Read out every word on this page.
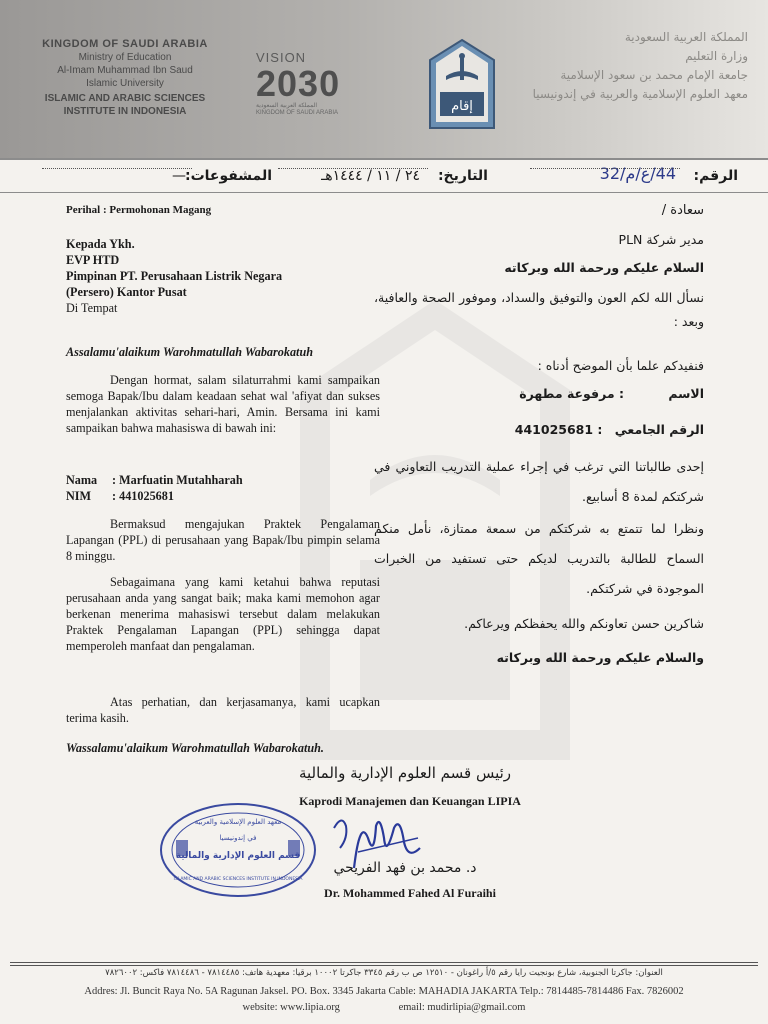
KINGDOM OF SAUDI ARABIA
Ministry of Education
Al-Imam Muhammad Ibn Saud
Islamic University
ISLAMIC AND ARABIC SCIENCES
INSTITUTE IN INDONESIA
VISION
2030
المملكة العربية السعودية
KINGDOM OF SAUDI ARABIA	إقام
المملكة العربية السعودية
وزارة التعليم
جامعة الإمام محمد بن سعود الإسلامية
معهد العلوم الإسلامية والعربية في إندونيسيا
الرقم:
44/ع/م/32
التاريخ:
٢٤ / ١١ / ١٤٤٤هـ
المشفوعات:
—
Perihal : Permohonan Magang
Kepada Ykh.
EVP HTD
Pimpinan PT. Perusahaan Listrik Negara
(Persero) Kantor Pusat
Di Tempat
Assalamu'alaikum Warohmatullah Wabarokatuh
Dengan hormat, salam silaturrahmi kami sampaikan semoga Bapak/Ibu dalam keadaan sehat wal 'afiyat dan sukses menjalankan aktivitas sehari-hari, Amin. Bersama ini kami sampaikan bahwa mahasiswa di bawah ini:
Nama : Marfuatin Mutahharah
NIM : 441025681
Bermaksud mengajukan Praktek Pengalaman Lapangan (PPL) di perusahaan yang Bapak/Ibu pimpin selama 8 minggu.
Sebagaimana yang kami ketahui bahwa reputasi perusahaan anda yang sangat baik; maka kami memohon agar berkenan menerima mahasiswi tersebut dalam melakukan Praktek Pengalaman Lapangan (PPL) sehingga dapat memperoleh manfaat dan pengalaman.
Atas perhatian, dan kerjasamanya, kami ucapkan terima kasih.
Wassalamu'alaikum Warohmatullah Wabarokatuh.
سعادة /
مدير شركة PLN
السلام عليكم ورحمة الله وبركاته
نسأل الله لكم العون والتوفيق والسداد، وموفور الصحة والعافية، وبعد :
فنفيدكم علما بأن الموضح أدناه :
الاسم : مرفوعة مطهرة
الرقم الجامعي : 441025681
إحدى طالباتنا التي ترغب في إجراء عملية التدريب التعاوني في شركتكم لمدة 8 أسابيع.
ونظرا لما تتمتع به شركتكم من سمعة ممتازة، نأمل منكم السماح للطالبة بالتدريب لديكم حتى تستفيد من الخبرات الموجودة في شركتكم.
شاكرين حسن تعاونكم والله يحفظكم ويرعاكم.
والسلام عليكم ورحمة الله وبركاته
رئيس قسم العلوم الإدارية والمالية
Kaprodi Manajemen dan Keuangan LIPIA
معهد العلوم الإسلامية والعربية
في إندونيسيا
قسم العلوم الإدارية والمالية
ISLAMIC AND ARABIC SCIENCES INSTITUTE IN INDONESIA
د. محمد بن فهد الفريحي
Dr. Mohammed Fahed Al Furaihi
العنوان: جاكرتا الجنوبية، شارع بونجيت رايا رقم ٥/أ راغونان - ١٢٥١٠ ص ب رقم ٣٣٤٥ جاكرتا ١٠٠٠٢ برقيا: معهدية هاتف: ٧٨١٤٤٨٥ - ٧٨١٤٤٨٦ فاكس: ٧٨٢٦٠٠٢
Addres: Jl. Buncit Raya No. 5A Ragunan Jaksel. PO. Box. 3345 Jakarta Cable: MAHADIA JAKARTA Telp.: 7814485-7814486 Fax. 7826002
website: www.lipia.org	email: mudirlipia@gmail.com
